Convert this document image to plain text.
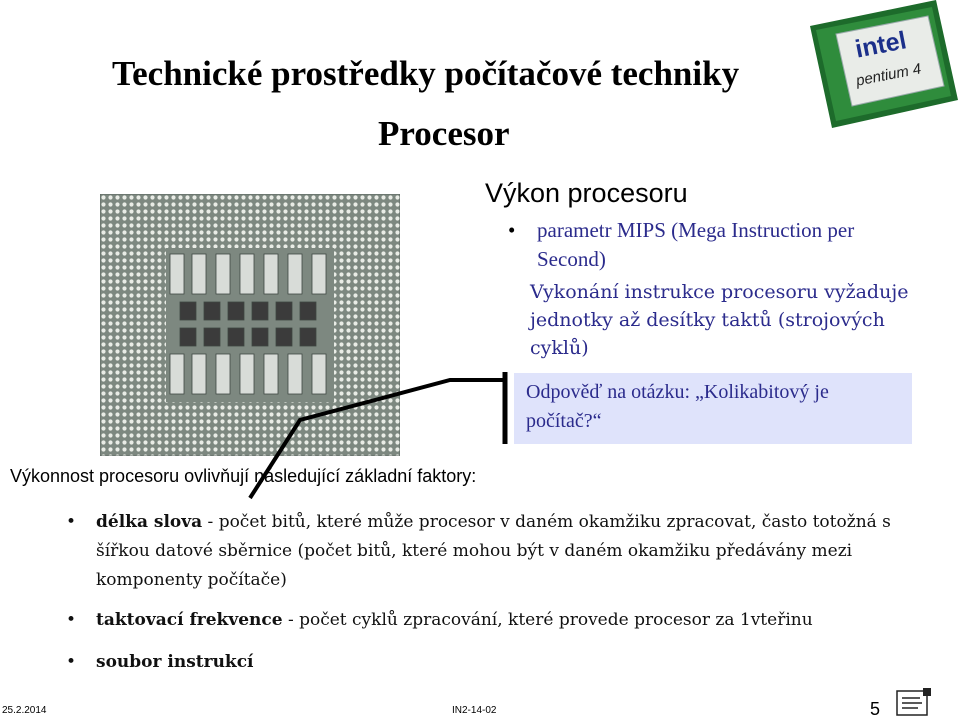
Technické prostředky počítačové techniky
Procesor
intel
pentium 4
Výkon procesoru
•	parametr MIPS (Mega Instruction per Second)
Vykonání instrukce procesoru vyžaduje jednotky až desítky taktů (strojových cyklů)
Odpověď na otázku: „Kolikabitový je počítač?“
Výkonnost procesoru ovlivňují následující základní faktory:
•	délka slova - počet bitů, které může procesor v daném okamžiku zpracovat, často totožná s šířkou datové sběrnice (počet bitů, které mohou být v daném okamžiku předávány mezi komponenty počítače)
•	taktovací frekvence - počet cyklů zpracování, které provede procesor za 1vteřinu
•	soubor instrukcí
25.2.2014	IN2-14-02	5
